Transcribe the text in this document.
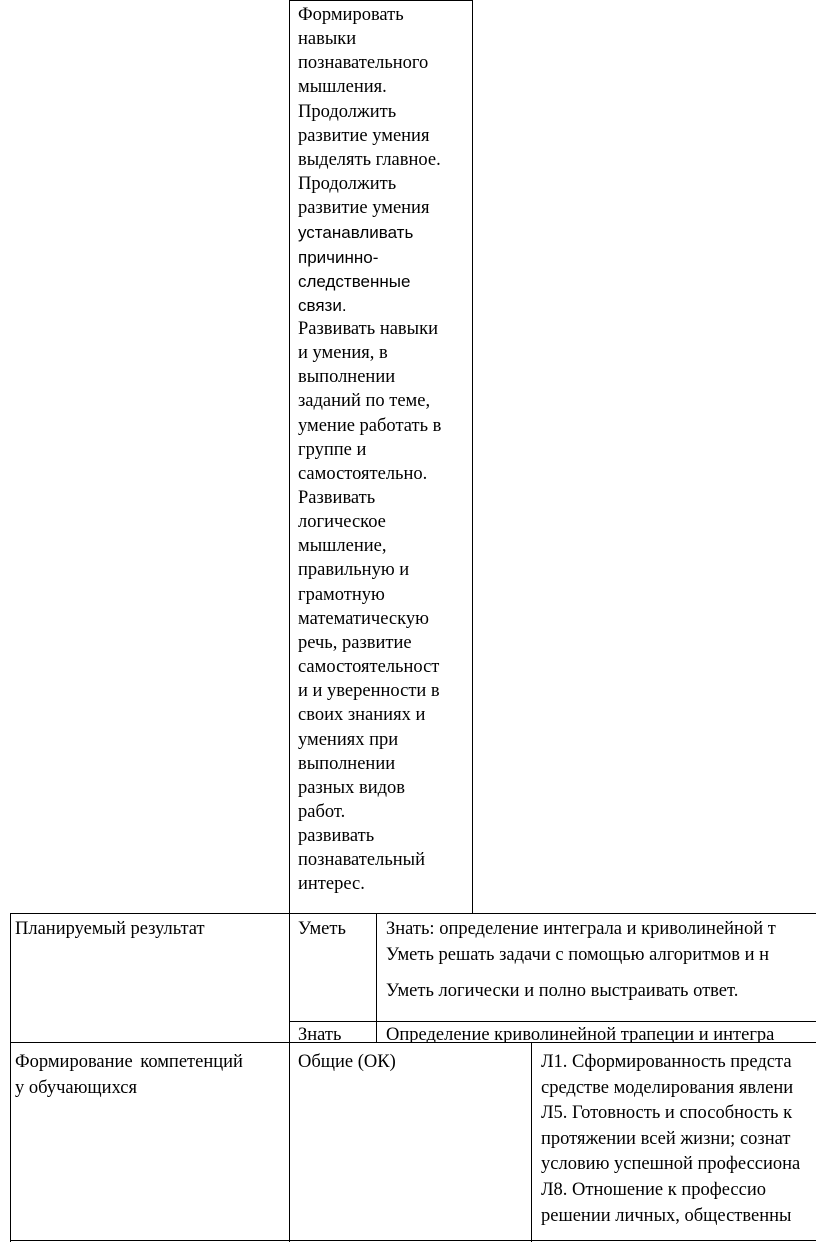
Формировать
навыки
познавательного
мышления.
Продолжить
развитие умения
выделять главное.
Продолжить
развитие умения
устанавливать
причинно-
следственные
связи.
Развивать навыки
и умения, в
выполнении
заданий по теме,
умение работать в
группе и
самостоятельно.
Развивать
логическое
мышление,
правильную и
грамотную
математическую
речь, развитие
самостоятельност
и и уверенности в
своих знаниях и
умениях при
выполнении
разных видов
работ.
развивать
познавательный
интерес.
Планируемый результат	Уметь Знать: определение интеграла и криволинейной т
Уметь решать задачи с помощью алгоритмов и н
Уметь логически и полно выстраивать ответ.
Знать Определение криволинейной трапеции и интегра
Формирование компетенций
у обучающихся
Общие (ОК)	Л1. Сформированность предста
средстве моделирования явлени
Л5. Готовность и способность к
протяжении всей жизни; сознат
условию успешной профессиона
Л8. Отношение к профессио
решении личных, общественны
